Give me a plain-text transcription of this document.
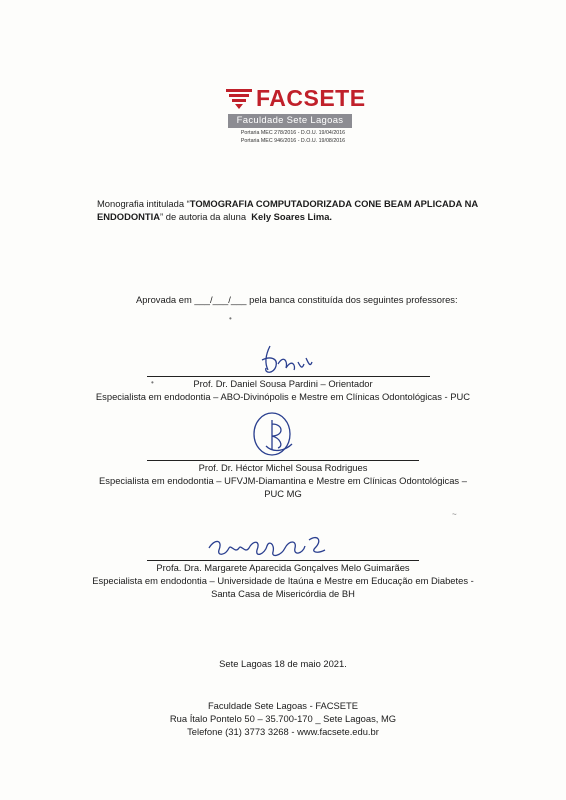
FACSETE
Faculdade Sete Lagoas
Portaria MEC 278/2016 - D.O.U. 19/04/2016
Portaria MEC 946/2016 - D.O.U. 19/08/2016
Monografia intitulada “TOMOGRAFIA COMPUTADORIZADA CONE BEAM APLICADA NA
ENDODONTIA” de autoria da aluna Kely Soares Lima.
Aprovada em ___/___/___ pela banca constituída dos seguintes professores:
Prof. Dr. Daniel Sousa Pardini – Orientador
Especialista em endodontia – ABO-Divinópolis e Mestre em Clínicas Odontológicas - PUC
Prof. Dr. Héctor Michel Sousa Rodrigues
Especialista em endodontia – UFVJM-Diamantina e Mestre em Clínicas Odontológicas –
PUC MG
Profa. Dra. Margarete Aparecida Gonçalves Melo Guimarães
Especialista em endodontia – Universidade de Itaúna e Mestre em Educação em Diabetes -
Santa Casa de Misericórdia de BH
Sete Lagoas 18 de maio 2021.
Faculdade Sete Lagoas - FACSETE
Rua Ítalo Pontelo 50 – 35.700-170 _ Sete Lagoas, MG
Telefone (31) 3773 3268 - www.facsete.edu.br
•
•
~
